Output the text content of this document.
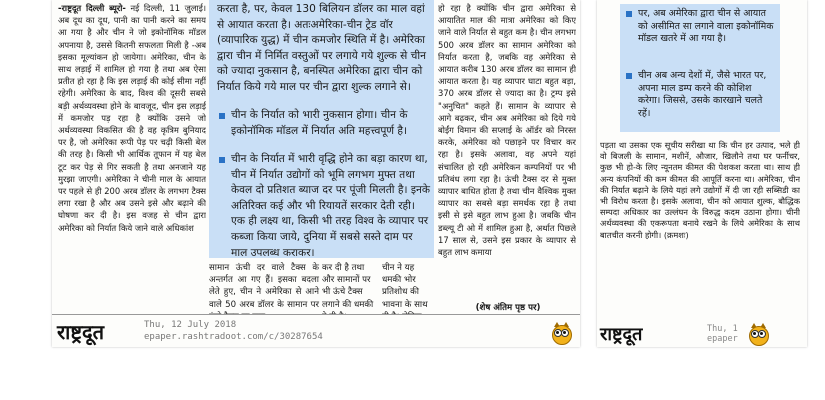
-राष्ट्रदूत दिल्ली ब्यूरो- नई दिल्ली, 11 जुलाई। अब दूध का दूध, पानी का पानी करने का समय आ गया है और चीन ने जो इकोनॉमिक मॉडल अपनाया है, उससे कितनी सफलता मिली है -अब इसका मूल्यांकन हो जायेगा। अमेरिका, चीन के साथ लड़ाई में शामिल हो गया है तथा अब ऐसा प्रतीत हो रहा है कि इस लड़ाई की कोई सीमा नहीं रहेगी। अमेरिका के बाद, विश्व की दूसरी सबसे बड़ी अर्थव्यवस्था होने के बावजूद, चीन इस लड़ाई में कमजोर पड़ रहा है क्योंकि उसने जो अर्थव्यवस्था विकसित की है वह कृत्रिम बुनियाद पर है, जो अमेरिका रूपी पेड़ पर चढ़ी किसी बेल की तरह है। किसी भी आर्थिक तूफान में यह बेल टूट कर पेड़ से गिर सकती है तथा अनजाने यह मुरझा जाएगी। अमेरिका ने चीनी माल के आयात पर पहले से ही 200 अरब डॉलर के लगभग टैक्स लगा रखा है और अब उसने इसे और बढ़ाने की घोषणा कर दी है। इस वजह से चीन द्वारा अमेरिका को निर्यात किये जाने वाले अधिकांश
करता है, पर, केवल 130 बिलियन डॉलर का माल वहां से आयात करता है। अतःअमेरिका-चीन ट्रेड वॉर (व्यापारिक युद्ध) में चीन कमजोर स्थिति में है। अमेरिका द्वारा चीन में निर्मित वस्तुओं पर लगाये गये शुल्क से चीन को ज्यादा नुकसान है, बनस्पित अमेरिका द्वारा चीन को निर्यात किये गये माल पर चीन द्वारा शुल्क लगाने से।
चीन के निर्यात को भारी नुकसान होगा। चीन के इकोनॉमिक मॉडल में निर्यात अति महत्त्वपूर्ण है।
चीन के निर्यात में भारी वृद्धि होने का बड़ा कारण था, चीन में निर्यात उद्योगों को भूमि लगभग मुफ्त तथा केवल दो प्रतिशत ब्याज दर पर पूंजी मिलती है। इनके अतिरिक्त कई और भी रियायतें सरकार देती रही। एक ही लक्ष्य था, किसी भी तरह विश्व के व्यापार पर कब्जा किया जाये, दुनिया में सबसे सस्ते दाम पर माल उपलब्ध कराकर।
हो रहा है क्योंकि चीन द्वारा अमेरिका से आयातित माल की मात्रा अमेरिका को किए जाने वाले निर्यात से बहुत कम है। चीन लगभग 500 अरब डॉलर का सामान अमेरिका को निर्यात करता है, जबकि वह अमेरिका से आयात करीब 130 अरब डॉलर का सामान ही आयात करता है। यह व्यापार घाटा बहुत बड़ा, 370 अरब डॉलर से ज्यादा का है। ट्रम्प इसे "अनुचित" कहते हैं। सामान के व्यापार से आगे बढ़कर, चीन अब अमेरिका को दिये गये बोईंग विमान की सप्लाई के ऑर्डर को निरस्त करके, अमेरिका को पछाड़ने पर विचार कर रहा है। इसके अलावा, वह अपने यहां संचालित हो रही अमेरिकन कम्पनियों पर भी प्रतिबंध लगा रहा है। ऊंची टैक्स दर से मुक्त व्यापार बाधित होता है तथा चीन वैश्विक मुक्त व्यापार का सबसे बड़ा समर्थक रहा है तथा इसी से इसे बहुत लाभ हुआ है। जबकि चीन डब्ल्यू टी ओ में शामिल हुआ है, अर्थात पिछले 17 साल से, उसने इस प्रकार के व्यापार से बहुत लाभ कमाया
(शेष अंतिम पृष्ठ पर)
सामान ऊंची दर वाले टैक्स के अन्तर्गत आ गए हैं। इसका बदला लेते हुए, चीन ने अमेरिका से आने वाले 50 अरब डॉलर के सामान पर
कर दी है तथा और सामानों पर भी ऊंचे टैक्स लगाने की धमकी
चीन ने यह धमकी भोर प्रतिशोध की भावना के साथ
राष्ट्रदूत	Thu, 12 July 2018
epaper.rashtradoot.com/c/30287654
पर, अब अमेरिका द्वारा चीन से आयात को असीमित सा लगाने वाला इकोनॉमिक मॉडल खतरे में आ गया है।
चीन अब अन्य देशों में, जैसे भारत पर, अपना माल डम्प करने की कोशिश करेगा। जिससे, उसके कारखाने चलते रहें।
पड़ता था उसका एक सूचीय सरीखा था कि चीन हर उत्पाद, भले ही वो बिजली के सामान, मशीनें, औजार, खिलौने तथा घर फर्नीचर, कुछ भी हो-के लिए न्यूनतम कीमत की पेशकश करता था। साथ ही अन्य कंपनियों की कम कीमत की आपूर्ति करना था। अमेरिका, चीन की निर्यात बढ़ाने के लिये यहां लगे उद्योगों में दी जा रही सब्सिडी का भी विरोध करता है। इसके अलावा, चीन को आयात शुल्क, बौद्धिक सम्पदा अधिकार का उल्लंघन के विरुद्ध कदम उठाना होगा। चीनी अर्थव्यवस्था की एकरूपता बनाये रखने के लिये अमेरिका के साथ बातचीत करनी होगी। (क्रमशः)
राष्ट्रदूत	Thu, 1
epaper
